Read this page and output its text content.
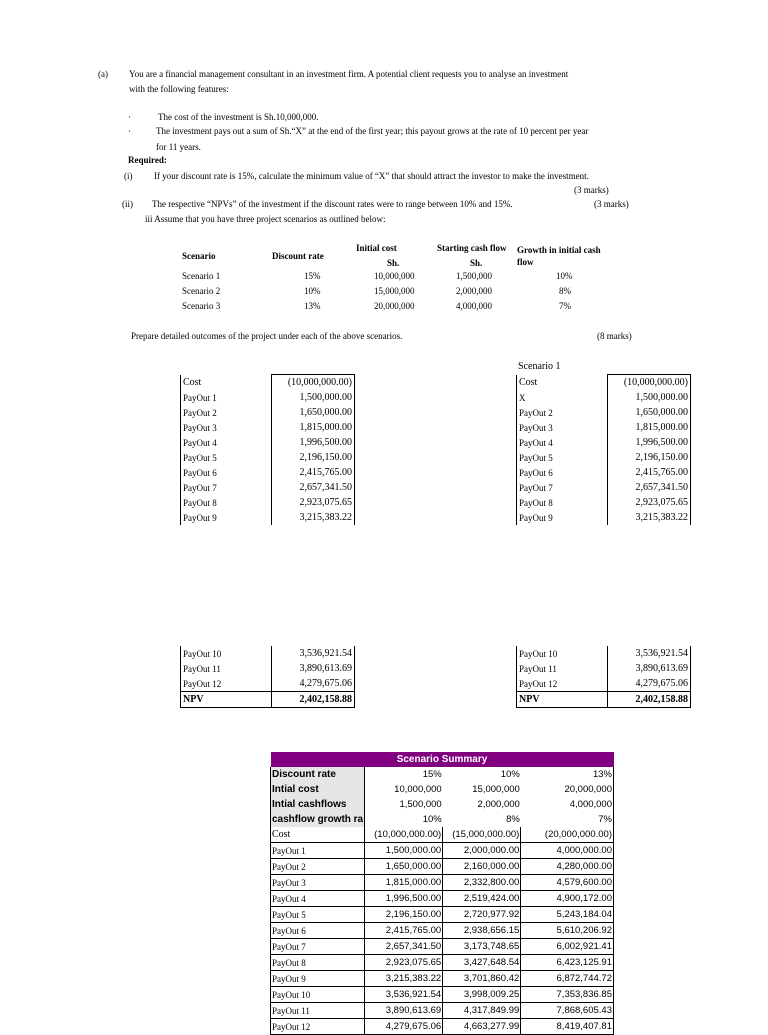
(a) You are a financial management consultant in an investment firm. A potential client requests you to analyse an investment
with the following features:
·	The cost of the investment is Sh.10,000,000.
·	The investment pays out a sum of Sh.“X” at the end of the first year; this payout grows at the rate of 10 percent per year
for 11 years.
Required:
(i) If your discount rate is 15%, calculate the minimum value of “X” that should attract the investor to make the investment.
(3 marks)
(ii) The respective “NPVs” of the investment if the discount rates were to range between 10% and 15%.	(3 marks)
iii Assume that you have three project scenarios as outlined below:
Scenario	Discount rate
Initial cost
Sh.
Starting cash flow
Sh.
Growth in initial cash
flow
Scenario 1	15%	10,000,000	1,500,000	10%
Scenario 2	10%	15,000,000	2,000,000	8%
Scenario 3	13%	20,000,000	4,000,000	7%
Prepare detailed outcomes of the project under each of the above scenarios.	(8 marks)
Scenario 1
Cost	(10,000,000.00)
PayOut 1	1,500,000.00
PayOut 2	1,650,000.00
PayOut 3	1,815,000.00
PayOut 4	1,996,500.00
PayOut 5	2,196,150.00
PayOut 6	2,415,765.00
PayOut 7	2,657,341.50
PayOut 8	2,923,075.65
PayOut 9	3,215,383.22
PayOut 10	3,536,921.54
PayOut 11	3,890,613.69
PayOut 12	4,279,675.06
NPV	2,402,158.88
Cost	(10,000,000.00)
X	1,500,000.00
PayOut 2	1,650,000.00
PayOut 3	1,815,000.00
PayOut 4	1,996,500.00
PayOut 5	2,196,150.00
PayOut 6	2,415,765.00
PayOut 7	2,657,341.50
PayOut 8	2,923,075.65
PayOut 9	3,215,383.22
PayOut 10	3,536,921.54
PayOut 11	3,890,613.69
PayOut 12	4,279,675.06
NPV	2,402,158.88
Scenario Summary			
Discount rate	15%	10%	13%
Intial cost	10,000,000	15,000,000	20,000,000
Intial cashflows	1,500,000	2,000,000	4,000,000
cashflow growth ra	10%	8%	7%
Cost	(10,000,000.00)	(15,000,000.00)	(20,000,000.00)
PayOut 1	1,500,000.00	2,000,000.00	4,000,000.00
PayOut 2	1,650,000.00	2,160,000.00	4,280,000.00
PayOut 3	1,815,000.00	2,332,800.00	4,579,600.00
PayOut 4	1,996,500.00	2,519,424.00	4,900,172.00
PayOut 5	2,196,150.00	2,720,977.92	5,243,184.04
PayOut 6	2,415,765.00	2,938,656.15	5,610,206.92
PayOut 7	2,657,341.50	3,173,748.65	6,002,921.41
PayOut 8	2,923,075.65	3,427,648.54	6,423,125.91
PayOut 9	3,215,383.22	3,701,860.42	6,872,744.72
PayOut 10	3,536,921.54	3,998,009.25	7,353,836.85
PayOut 11	3,890,613.69	4,317,849.99	7,868,605.43
PayOut 12	4,279,675.06	4,663,277.99	8,419,407.81
